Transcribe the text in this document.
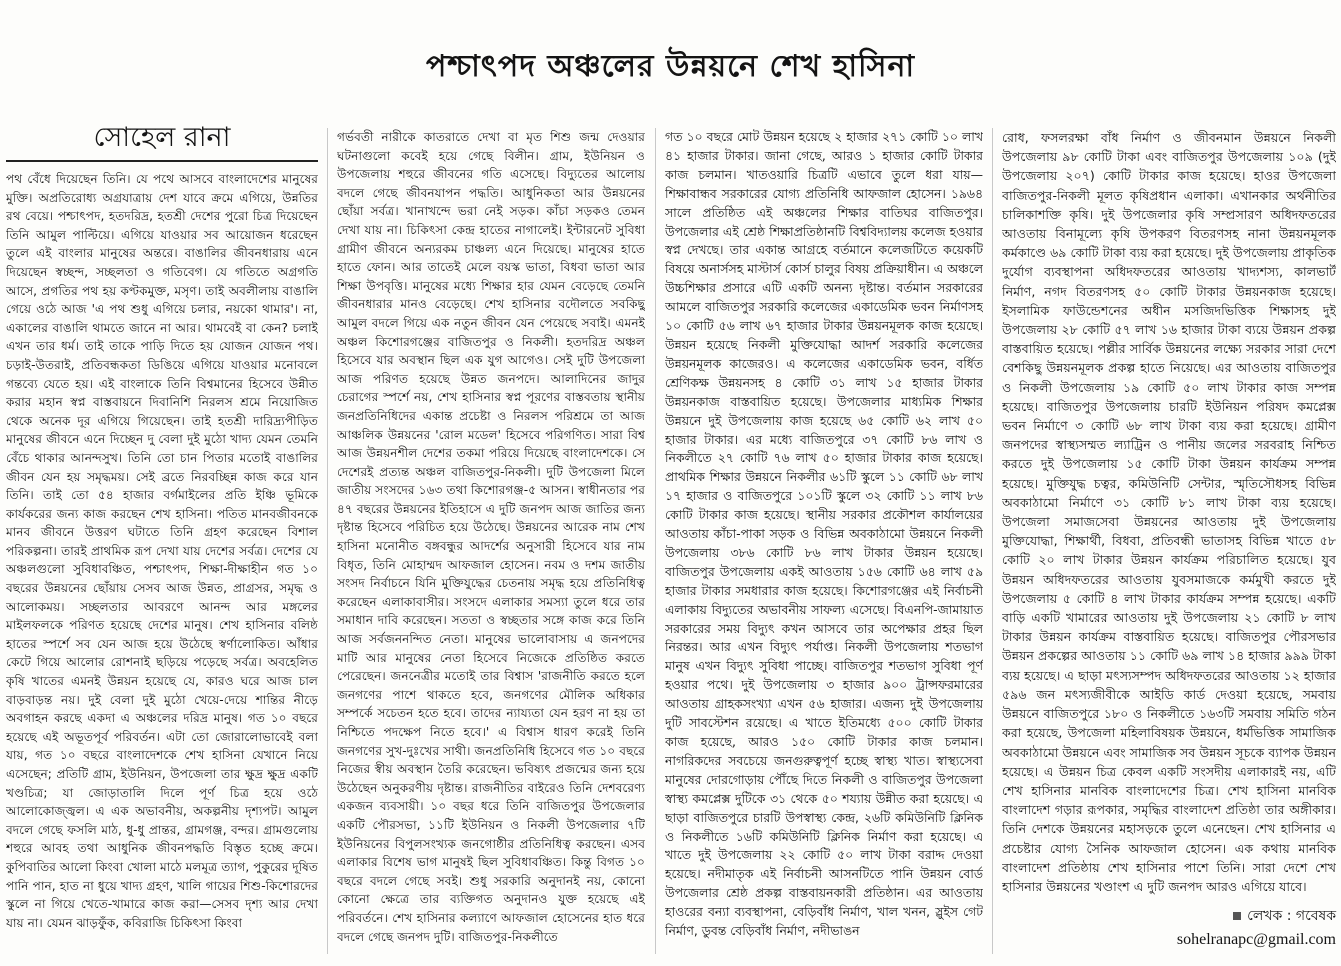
পশ্চাৎপদ অঞ্চলের উন্নয়নে শেখ হাসিনা
সোহেল রানা

পথ বেঁধে দিয়েছেন তিনি। যে পথে আসবে বাংলাদেশের মানুষের মুক্তি। অপ্রতিরোধ্য অগ্রযাত্রায় দেশ যাবে ক্রমে এগিয়ে, উন্নতির রথ বেয়ে। পশ্চাৎপদ, হতদরিদ্র, হতশ্রী দেশের পুরো চিত্র দিয়েছেন তিনি আমুল পাল্টিয়ে। এগিয়ে যাওয়ার সব আয়োজন ধরেছেন তুলে এই বাংলার মানুষের অন্তরে। বাঙালির জীবনধারায় এনে দিয়েছেন স্বচ্ছন্দ, সচ্ছলতা ও গতিবেগ। যে গতিতে অগ্রগতি আসে, প্রগতির পথ হয় কণ্টকমুক্ত, মসৃণ। তাই অবলীলায় বাঙালি গেয়ে ওঠে আজ 'এ পথ শুধু এগিয়ে চলার, নয়কো থামার'। না, একালের বাঙালি থামতে জানে না আর। থামবেই বা কেন? চলাই এখন তার ধর্ম। তাই তাকে পাড়ি দিতে হয় যোজন যোজন পথ। চড়াই-উতরাই, প্রতিবন্ধকতা ডিঙিয়ে এগিয়ে যাওয়ার মনোবলে গন্তব্যে যেতে হয়। এই বাংলাকে তিনি বিশ্বমানের হিসেবে উন্নীত করার মহান স্বপ্ন বাস্তবায়নে দিবানিশি নিরলস শ্রমে নিয়োজিত থেকে অনেক দূর এগিয়ে গিয়েছেন। তাই হতশ্রী দারিদ্র্যপীড়িত মানুষের জীবনে এনে দিচ্ছেন দু বেলা দুই মুঠো খাদ্য যেমন তেমনি বেঁচে থাকার আনন্দসুখ। তিনি তো চান পিতার মতোই বাঙালির জীবন যেন হয় সমৃদ্ধময়। সেই ব্রতে নিরবচ্ছিন্ন কাজ করে যান তিনি। তাই তো ৫৪ হাজার বর্গমাইলের প্রতি ইঞ্চি ভূমিকে কার্যকরের জন্য কাজ করছেন শেখ হাসিনা। পতিত মানবজীবনকে মানব জীবনে উত্তরণ ঘটাতে তিনি গ্রহণ করেছেন বিশাল পরিকল্পনা। তারই প্রাথমিক রূপ দেখা যায় দেশের সর্বত্র। দেশের যে অঞ্চলগুলো সুবিধাবঞ্চিত, পশ্চাৎপদ, শিক্ষা-দীক্ষাহীন গত ১০ বছরের উন্নয়নের ছোঁয়ায় সেসব আজ উন্নত, প্রাগ্রসর, সমৃদ্ধ ও আলোকময়। সচ্ছলতার আবরণে আনন্দ আর মঙ্গলের মাইলফলকে পরিণত হয়েছে দেশের মানুষ। শেখ হাসিনার বলিষ্ঠ হাতের স্পর্শে সব যেন আজ হয়ে উঠেছে স্বর্ণালোকিত। আঁধার কেটে গিয়ে আলোর রোশনাই ছড়িয়ে পড়েছে সর্বত্র। অবহেলিত কৃষি খাতের এমনই উন্নয়ন হয়েছে যে, কারও ঘরে আজ চাল বাড়বাড়ন্ত নয়। দুই বেলা দুই মুঠো খেয়ে-দেয়ে শান্তির নীড়ে অবগাহন করছে একদা এ অঞ্চলের দরিদ্র মানুষ। গত ১০ বছরে হয়েছে এই অভূতপূর্ব পরিবর্তন। এটা তো জোরালোভাবেই বলা যায়, গত ১০ বছরে বাংলাদেশকে শেখ হাসিনা যেখানে নিয়ে এসেছেন; প্রতিটি গ্রাম, ইউনিয়ন, উপজেলা তার ক্ষুদ্র ক্ষুদ্র একটি খণ্ডচিত্র; যা জোড়াতালি দিলে পূর্ণ চিত্র হয়ে ওঠে আলোকোজ্জ্বল। এ এক অভাবনীয়, অকল্পনীয় দৃশ্যপট। আমুল বদলে গেছে ফসলি মাঠ, ধু-ধু প্রান্তর, গ্রামগঞ্জ, বন্দর। গ্রামগুলোয় শহুরে আবহ তথা আধুনিক জীবনপদ্ধতি বিস্তৃত হচ্ছে ক্রমে। কুপিবাতির আলো কিংবা খোলা মাঠে মলমূত্র ত্যাগ, পুকুরের দূষিত পানি পান, হাত না ধুয়ে খাদ্য গ্রহণ, খালি গায়ের শিশু-কিশোরদের স্কুলে না গিয়ে খেতে-খামারে কাজ করা—সেসব দৃশ্য আর দেখা যায় না। যেমন ঝাড়ফুঁক, কবিরাজি চিকিৎসা কিংবা

গর্ভবতী নারীকে কাতরাতে দেখা বা মৃত শিশু জন্ম দেওয়ার ঘটনাগুলো কবেই হয়ে গেছে বিলীন। গ্রাম, ইউনিয়ন ও উপজেলায় শহুরে জীবনের গতি এসেছে। বিদ্যুতের আলোয় বদলে গেছে জীবনযাপন পদ্ধতি। আধুনিকতা আর উন্নয়নের ছোঁয়া সর্বত্র। খানাখন্দে ভরা নেই সড়ক। কাঁচা সড়কও তেমন দেখা যায় না। চিকিৎসা কেন্দ্র হাতের নাগালেই। ইন্টারনেট সুবিধা গ্রামীণ জীবনে অন্যরকম চাঞ্চল্য এনে দিয়েছে। মানুষের হাতে হাতে ফোন। আর তাতেই মেলে বয়স্ক ভাতা, বিধবা ভাতা আর শিক্ষা উপবৃত্তি। মানুষের মধ্যে শিক্ষার হার যেমন বেড়েছে তেমনি জীবনধারার মানও বেড়েছে। শেখ হাসিনার বদৌলতে সবকিছু আমুল বদলে গিয়ে এক নতুন জীবন যেন পেয়েছে সবাই। এমনই অঞ্চল কিশোরগঞ্জের বাজিতপুর ও নিকলী। হতদরিদ্র অঞ্চল হিসেবে যার অবস্থান ছিল এক যুগ আগেও। সেই দুটি উপজেলা আজ পরিণত হয়েছে উন্নত জনপদে। আলাদিনের জাদুর চেরাগের স্পর্শে নয়, শেখ হাসিনার স্বপ্ন পূরণের বাস্তবতায় স্থানীয় জনপ্রতিনিধিদের একান্ত প্রচেষ্টা ও নিরলস পরিশ্রমে তা আজ আঞ্চলিক উন্নয়নের 'রোল মডেল' হিসেবে পরিগণিত। সারা বিশ্ব আজ উন্নয়নশীল দেশের তকমা পরিয়ে দিয়েছে বাংলাদেশকে। সে দেশেরই প্রত্যন্ত অঞ্চল বাজিতপুর-নিকলী। দুটি উপজেলা মিলে জাতীয় সংসদের ১৬৩ তথা কিশোরগঞ্জ-৫ আসন। স্বাধীনতার পর ৪৭ বছরের উন্নয়নের ইতিহাসে এ দুটি জনপদ আজ জাতির জন্য দৃষ্টান্ত হিসেবে পরিচিত হয়ে উঠেছে। উন্নয়নের আরেক নাম শেখ হাসিনা মনোনীত বঙ্গবন্ধুর আদর্শের অনুসারী হিসেবে যার নাম বিধৃত, তিনি মোহাম্মদ আফজাল হোসেন। নবম ও দশম জাতীয় সংসদ নির্বাচনে যিনি মুক্তিযুদ্ধের চেতনায় সমৃদ্ধ হয়ে প্রতিনিধিত্ব করেছেন এলাকাবাসীর। সংসদে এলাকার সমস্যা তুলে ধরে তার সমাধান দাবি করেছেন। সততা ও স্বচ্ছতার সঙ্গে কাজ করে তিনি আজ সর্বজননন্দিত নেতা। মানুষের ভালোবাসায় এ জনপদের মাটি আর মানুষের নেতা হিসেবে নিজেকে প্রতিষ্ঠিত করতে পেরেছেন। জননেত্রীর মতোই তার বিশ্বাস 'রাজনীতি করতে হলে জনগণের পাশে থাকতে হবে, জনগণের মৌলিক অধিকার সম্পর্কে সচেতন হতে হবে। তাদের ন্যায্যতা যেন হরণ না হয় তা নিশ্চিতে পদক্ষেপ নিতে হবে।' এ বিশ্বাস ধারণ করেই তিনি জনগণের সুখ-দুঃখের সাথী। জনপ্রতিনিধি হিসেবে গত ১০ বছরে নিজের স্বীয় অবস্থান তৈরি করেছেন। ভবিষ্যৎ প্রজন্মের জন্য হয়ে উঠেছেন অনুকরণীয় দৃষ্টান্ত। রাজনীতির বাইরেও তিনি দেশবরেণ্য একজন ব্যবসায়ী। ১০ বছর ধরে তিনি বাজিতপুর উপজেলার একটি পৌরসভা, ১১টি ইউনিয়ন ও নিকলী উপজেলার ৭টি ইউনিয়নের বিপুলসংখ্যক জনগোষ্ঠীর প্রতিনিধিত্ব করছেন। এসব এলাকার বিশেষ ভাগ মানুষই ছিল সুবিধাবঞ্চিত। কিন্তু বিগত ১০ বছরে বদলে গেছে সবই। শুধু সরকারি অনুদানই নয়, কোনো কোনো ক্ষেত্রে তার ব্যক্তিগত অনুদানও যুক্ত হয়েছে এই পরিবর্তনে। শেখ হাসিনার কল্যাণে আফজাল হোসেনের হাত ধরে বদলে গেছে জনপদ দুটি। বাজিতপুর-নিকলীতে

গত ১০ বছরে মোট উন্নয়ন হয়েছে ২ হাজার ২৭১ কোটি ১০ লাখ ৪১ হাজার টাকার। জানা গেছে, আরও ১ হাজার কোটি টাকার কাজ চলমান। খাতওয়ারি চিত্রটি এভাবে তুলে ধরা যায়— শিক্ষাবান্ধব সরকারের যোগ্য প্রতিনিধি আফজাল হোসেন। ১৯৬৪ সালে প্রতিষ্ঠিত এই অঞ্চলের শিক্ষার বাতিঘর বাজিতপুর। উপজেলার এই শ্রেষ্ঠ শিক্ষাপ্রতিষ্ঠানটি বিশ্ববিদ্যালয় কলেজ হওয়ার স্বপ্ন দেখছে। তার একান্ত আগ্রহে বর্তমানে কলেজটিতে কয়েকটি বিষয়ে অনার্সসহ মাস্টার্স কোর্স চালুর বিষয় প্রক্রিয়াধীন। এ অঞ্চলে উচ্চশিক্ষার প্রসারে এটি একটি অনন্য দৃষ্টান্ত। বর্তমান সরকারের আমলে বাজিতপুর সরকারি কলেজের একাডেমিক ভবন নির্মাণসহ ১০ কোটি ৫৬ লাখ ৬৭ হাজার টাকার উন্নয়নমূলক কাজ হয়েছে। উন্নয়ন হয়েছে নিকলী মুক্তিযোদ্ধা আদর্শ সরকারি কলেজের উন্নয়নমূলক কাজেরও। এ কলেজের একাডেমিক ভবন, বর্ধিত শ্রেণিকক্ষ উন্নয়নসহ ৪ কোটি ৩১ লাখ ১৫ হাজার টাকার উন্নয়নকাজ বাস্তবায়িত হয়েছে। উপজেলার মাধ্যমিক শিক্ষার উন্নয়নে দুই উপজেলায় কাজ হয়েছে ৬৫ কোটি ৬২ লাখ ৫০ হাজার টাকার। এর মধ্যে বাজিতপুরে ৩৭ কোটি ৮৬ লাখ ও নিকলীতে ২৭ কোটি ৭৬ লাখ ৫০ হাজার টাকার কাজ হয়েছে। প্রাথমিক শিক্ষার উন্নয়নে নিকলীর ৬১টি স্কুলে ১১ কোটি ৬৮ লাখ ১৭ হাজার ও বাজিতপুরে ১০১টি স্কুলে ৩২ কোটি ১১ লাখ ৮৬ কোটি টাকার কাজ হয়েছে। স্থানীয় সরকার প্রকৌশল কার্যালয়ের আওতায় কাঁচা-পাকা সড়ক ও বিভিন্ন অবকাঠামো উন্নয়নে নিকলী উপজেলায় ৩৮৬ কোটি ৮৬ লাখ টাকার উন্নয়ন হয়েছে। বাজিতপুর উপজেলায় একই আওতায় ১৫৬ কোটি ৬৪ লাখ ৫৯ হাজার টাকার সমধারার কাজ হয়েছে। কিশোরগঞ্জের এই নির্বাচনী এলাকায় বিদ্যুতের অভাবনীয় সাফল্য এসেছে। বিএনপি-জামায়াত সরকারের সময় বিদ্যুৎ কখন আসবে তার অপেক্ষার প্রহর ছিল নিরন্তর। আর এখন বিদ্যুৎ পর্যাপ্ত। নিকলী উপজেলায় শতভাগ মানুষ এখন বিদ্যুৎ সুবিধা পাচ্ছে। বাজিতপুর শতভাগ সুবিধা পূর্ণ হওয়ার পথে। দুই উপজেলায় ৩ হাজার ৯০০ ট্রান্সফরমারের আওতায় গ্রাহকসংখ্যা এখন ৫৬ হাজার। এজন্য দুই উপজেলায় দুটি সাবস্টেশন রয়েছে। এ খাতে ইতিমধ্যে ৫০০ কোটি টাকার কাজ হয়েছে, আরও ১৫০ কোটি টাকার কাজ চলমান। নাগরিকদের সবচেয়ে জনগুরুত্বপূর্ণ হচ্ছে স্বাস্থ্য খাত। স্বাস্থ্যসেবা মানুষের দোরগোড়ায় পৌঁছে দিতে নিকলী ও বাজিতপুর উপজেলা স্বাস্থ্য কমপ্লেক্স দুটিকে ৩১ থেকে ৫০ শয্যায় উন্নীত করা হয়েছে। এ ছাড়া বাজিতপুরে চারটি উপস্বাস্থ্য কেন্দ্র, ২৬টি কমিউনিটি ক্লিনিক ও নিকলীতে ১৬টি কমিউনিটি ক্লিনিক নির্মাণ করা হয়েছে। এ খাতে দুই উপজেলায় ২২ কোটি ৫০ লাখ টাকা বরাদ্দ দেওয়া হয়েছে। নদীমাতৃক এই নির্বাচনী আসনটিতে পানি উন্নয়ন বোর্ড উপজেলার শ্রেষ্ঠ প্রকল্প বাস্তবায়নকারী প্রতিষ্ঠান। এর আওতায় হাওরের বন্যা ব্যবস্থাপনা, বেড়িবাঁধ নির্মাণ, খাল খনন, স্লুইস গেট নির্মাণ, ডুবন্ত বেড়িবাঁধ নির্মাণ, নদীভাঙন

রোধ, ফসলরক্ষা বাঁধ নির্মাণ ও জীবনমান উন্নয়নে নিকলী উপজেলায় ৯৮ কোটি টাকা এবং বাজিতপুর উপজেলায় ১০৯ (দুই উপজেলায় ২০৭) কোটি টাকার কাজ হয়েছে। হাওর উপজেলা বাজিতপুর-নিকলী মূলত কৃষিপ্রধান এলাকা। এখানকার অর্থনীতির চালিকাশক্তি কৃষি। দুই উপজেলার কৃষি সম্প্রসারণ অধিদফতরের আওতায় বিনামূল্যে কৃষি উপকরণ বিতরণসহ নানা উন্নয়নমূলক কর্মকাণ্ডে ৬৯ কোটি টাকা ব্যয় করা হয়েছে। দুই উপজেলায় প্রাকৃতিক দুর্যোগ ব্যবস্থাপনা অধিদফতরের আওতায় খাদ্যশস্য, কালভার্ট নির্মাণ, নগদ বিতরণসহ ৫০ কোটি টাকার উন্নয়নকাজ হয়েছে। ইসলামিক ফাউন্ডেশনের অধীন মসজিদভিত্তিক শিক্ষাসহ দুই উপজেলায় ২৮ কোটি ৫৭ লাখ ১৬ হাজার টাকা ব্যয়ে উন্নয়ন প্রকল্প বাস্তবায়িত হয়েছে। পল্লীর সার্বিক উন্নয়নের লক্ষ্যে সরকার সারা দেশে বেশকিছু উন্নয়নমূলক প্রকল্প হাতে নিয়েছে। এর আওতায় বাজিতপুর ও নিকলী উপজেলায় ১৯ কোটি ৫০ লাখ টাকার কাজ সম্পন্ন হয়েছে। বাজিতপুর উপজেলায় চারটি ইউনিয়ন পরিষদ কমপ্লেক্স ভবন নির্মাণে ৩ কোটি ৬৮ লাখ টাকা ব্যয় করা হয়েছে। গ্রামীণ জনপদের স্বাস্থ্যসম্মত ল্যাট্রিন ও পানীয় জলের সরবরাহ নিশ্চিত করতে দুই উপজেলায় ১৫ কোটি টাকা উন্নয়ন কার্যক্রম সম্পন্ন হয়েছে। মুক্তিযুদ্ধ চত্বর, কমিউনিটি সেন্টার, স্মৃতিসৌধসহ বিভিন্ন অবকাঠামো নির্মাণে ৩১ কোটি ৮১ লাখ টাকা ব্যয় হয়েছে। উপজেলা সমাজসেবা উন্নয়নের আওতায় দুই উপজেলায় মুক্তিযোদ্ধা, শিক্ষার্থী, বিধবা, প্রতিবন্ধী ভাতাসহ বিভিন্ন খাতে ৫৮ কোটি ২০ লাখ টাকার উন্নয়ন কার্যক্রম পরিচালিত হয়েছে। যুব উন্নয়ন অধিদফতরের আওতায় যুবসমাজকে কর্মমুখী করতে দুই উপজেলায় ৫ কোটি ৪ লাখ টাকার কার্যক্রম সম্পন্ন হয়েছে। একটি বাড়ি একটি খামারের আওতায় দুই উপজেলায় ২১ কোটি ৮ লাখ টাকার উন্নয়ন কার্যক্রম বাস্তবায়িত হয়েছে। বাজিতপুর পৌরসভার উন্নয়ন প্রকল্পের আওতায় ১১ কোটি ৬৯ লাখ ১৪ হাজার ৯৯৯ টাকা ব্যয় হয়েছে। এ ছাড়া মৎস্যসম্পদ অধিদফতরের আওতায় ১২ হাজার ৫৯৬ জন মৎস্যজীবীকে আইডি কার্ড দেওয়া হয়েছে, সমবায় উন্নয়নে বাজিতপুরে ১৮০ ও নিকলীতে ১৬৩টি সমবায় সমিতি গঠন করা হয়েছে, উপজেলা মহিলাবিষয়ক উন্নয়নে, ধর্মভিত্তিক সামাজিক অবকাঠামো উন্নয়নে এবং সামাজিক সব উন্নয়ন সূচকে ব্যাপক উন্নয়ন হয়েছে। এ উন্নয়ন চিত্র কেবল একটি সংসদীয় এলাকারই নয়, এটি শেখ হাসিনার মানবিক বাংলাদেশের চিত্র। শেখ হাসিনা মানবিক বাংলাদেশ গড়ার রূপকার, সমৃদ্ধির বাংলাদেশ প্রতিষ্ঠা তার অঙ্গীকার। তিনি দেশকে উন্নয়নের মহাসড়কে তুলে এনেছেন। শেখ হাসিনার এ প্রচেষ্টার যোগ্য সৈনিক আফজাল হোসেন। এক কথায় মানবিক বাংলাদেশ প্রতিষ্ঠায় শেখ হাসিনার পাশে তিনি। সারা দেশে শেখ হাসিনার উন্নয়নের খণ্ডাংশ এ দুটি জনপদ আরও এগিয়ে যাবে।

লেখক : গবেষক
sohelranapc@gmail.com
